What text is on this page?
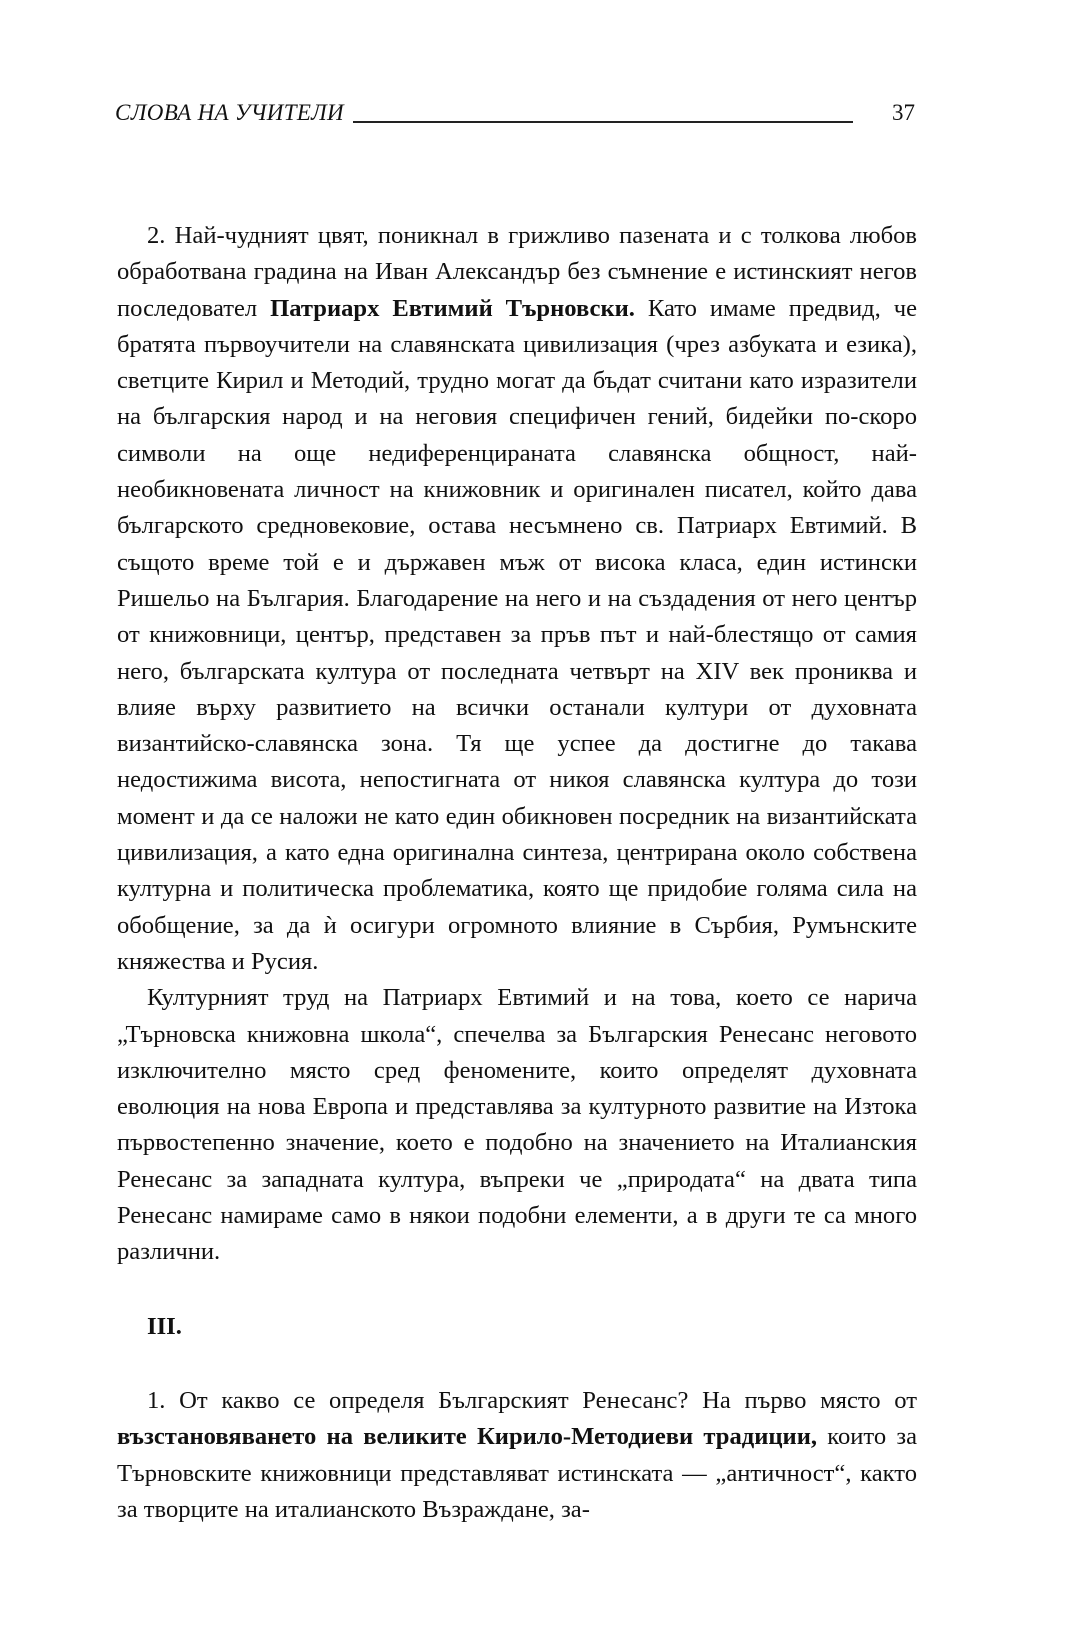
СЛОВА НА УЧИТЕЛИ	37

2. Най-чудният цвят, поникнал в грижливо пазената и с толкова любов обработвана градина на Иван Александър без съмнение е истинският негов последовател Патриарх Евтимий Търновски. Като имаме предвид, че братята първоучители на славянската цивилизация (чрез азбуката и езика), светците Кирил и Методий, трудно могат да бъдат считани като изразители на българския народ и на неговия специфичен гений, бидейки по-скоро символи на още недиференцираната славянска общност, най-необикновената личност на книжовник и оригинален писател, който дава българското средновековие, остава несъмнено св. Патриарх Евтимий. В същото време той е и държавен мъж от висока класа, един истински Ришельо на България. Благодарение на него и на създадения от него център от книжовници, център, представен за пръв път и най-блестящо от самия него, българската култура от последната четвърт на XIV век прониква и влияе върху развитието на всички останали култури от духовната византийско-славянска зона. Тя ще успее да достигне до такава недостижима висота, непостигната от никоя славянска култура до този момент и да се наложи не като един обикновен посредник на византийската цивилизация, а като една оригинална синтеза, центрирана около собствена културна и политическа проблематика, която ще придобие голяма сила на обобщение, за да ѝ осигури огромното влияние в Сърбия, Румънските княжества и Русия.

Културният труд на Патриарх Евтимий и на това, което се нарича „Търновска книжовна школа“, спечелва за Българския Ренесанс неговото изключително място сред феномените, които определят духовната еволюция на нова Европа и представлява за културното развитие на Изтока първостепенно значение, което е подобно на значението на Италианския Ренесанс за западната култура, въпреки че „природата“ на двата типа Ренесанс намираме само в някои подобни елементи, а в други те са много различни.

III.

1. От какво се определя Българският Ренесанс? На първо място от възстановяването на великите Кирило-Методиеви традиции, които за Търновските книжовници представляват истинската — „античност“, както за творците на италианското Възраждане, за-
